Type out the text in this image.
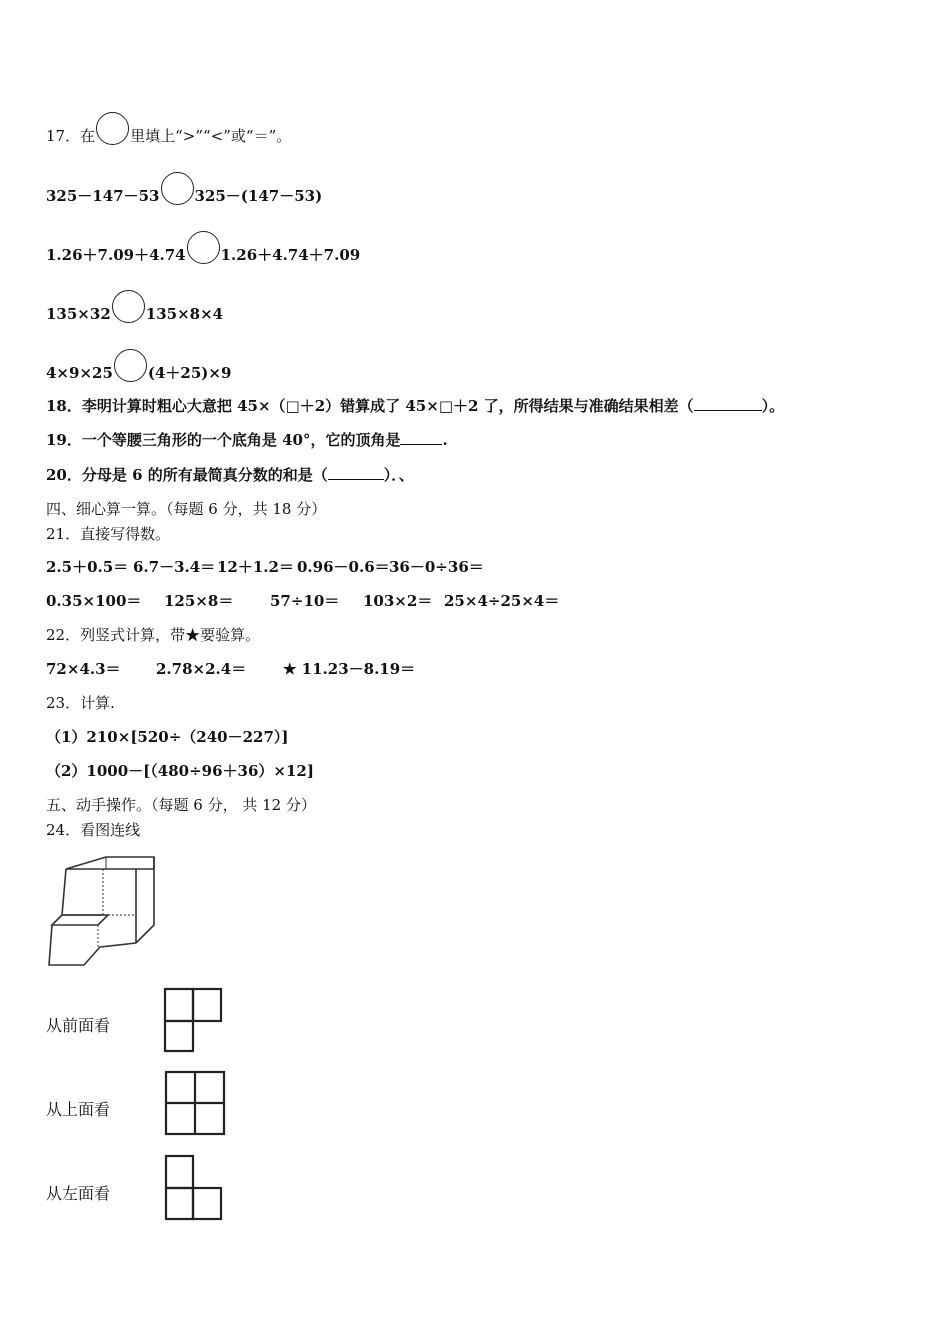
17．在 里填上“>”“<”或“＝”。
325－147－53 325－(147－53)
1.26＋7.09＋4.74 1.26＋4.74＋7.09
135×32 135×8×4
4×9×25 (4＋25)×9
18．李明计算时粗心大意把 45×（□＋2）错算成了 45×□＋2 了，所得结果与准确结果相差（	）。
19．一个等腰三角形的一个底角是 40°，它的顶角是	.
20．分母是 6 的所有最简真分数的和是（	）．、
四、细心算一算。（每题 6 分，共 18 分）
21．直接写得数。
2.5＋0.5＝ 6.7－3.4＝ 12＋1.2＝ 0.96－0.6＝ 36－0÷36＝
0.35×100＝ 125×8＝ 57÷10＝ 103×2＝ 25×4÷25×4＝
22．列竖式计算，带★要验算。
72×4.3＝ 2.78×2.4＝ ★ 11.23－8.19＝
23．计算.
（1）210×[520÷（240－227）]
（2）1000－[（480÷96＋36）×12]
五、动手操作。（每题 6 分， 共 12 分）
24．看图连线
从前面看
从上面看
从左面看
